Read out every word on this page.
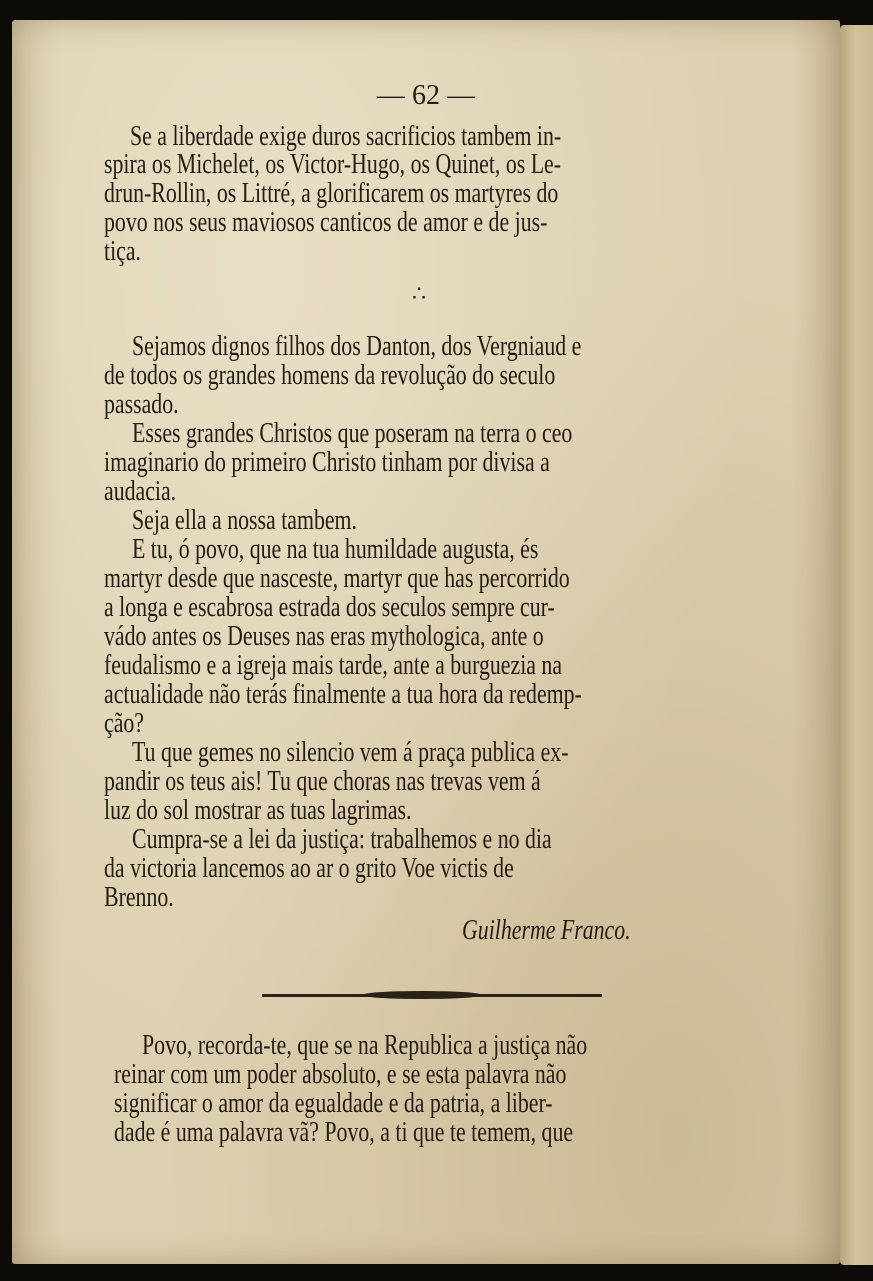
— 62 —
Se a liberdade exige duros sacrificios tambem in-
spira os Michelet, os Victor-Hugo, os Quinet, os Le-
drun-Rollin, os Littré, a glorificarem os martyres do
povo nos seus maviosos canticos de amor e de jus-
tiça.
∴
Sejamos dignos filhos dos Danton, dos Vergniaud e
de todos os grandes homens da revolução do seculo
passado.
Esses grandes Christos que poseram na terra o ceo
imaginario do primeiro Christo tinham por divisa a
audacia.
Seja ella a nossa tambem.
E tu, ó povo, que na tua humildade augusta, és
martyr desde que nasceste, martyr que has percorrido
a longa e escabrosa estrada dos seculos sempre cur-
vádo antes os Deuses nas eras mythologica, ante o
feudalismo e a igreja mais tarde, ante a burguezia na
actualidade não terás finalmente a tua hora da redemp-
ção?
Tu que gemes no silencio vem á praça publica ex-
pandir os teus ais! Tu que choras nas trevas vem á
luz do sol mostrar as tuas lagrimas.
Cumpra-se a lei da justiça: trabalhemos e no dia
da victoria lancemos ao ar o grito Voe victis de
Brenno.
Guilherme Franco.
Povo, recorda-te, que se na Republica a justiça não
reinar com um poder absoluto, e se esta palavra não
significar o amor da egualdade e da patria, a liber-
dade é uma palavra vã? Povo, a ti que te temem, que
